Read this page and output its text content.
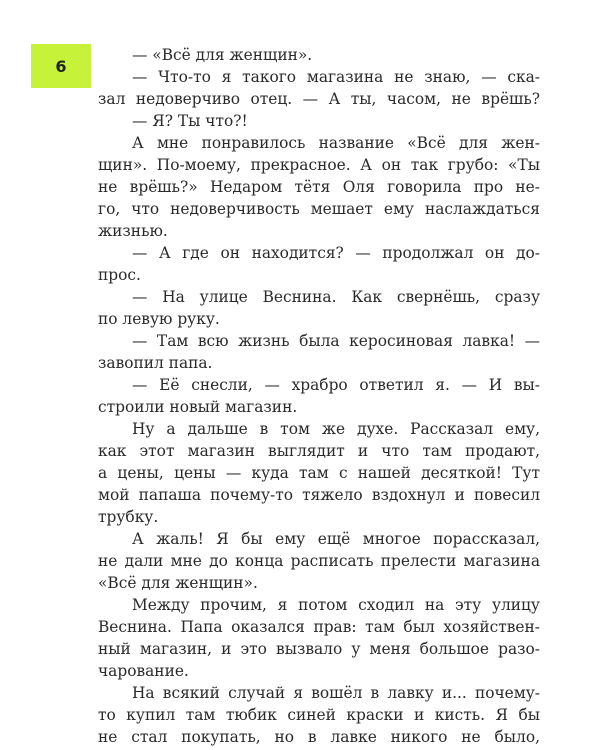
6
— «Всё для женщин».
— Что-то я такого магазина не знаю, — ска-
зал недоверчиво отец. — А ты, часом, не врёшь?
— Я? Ты что?!
А мне понравилось название «Всё для жен-
щин». По-моему, прекрасное. А он так грубо: «Ты
не врёшь?» Недаром тётя Оля говорила про не-
го, что недоверчивость мешает ему наслаждаться
жизнью.
— А где он находится? — продолжал он до-
прос.
— На улице Веснина. Как свернёшь, сразу
по левую руку.
— Там всю жизнь была керосиновая лавка! —
завопил папа.
— Её снесли, — храбро ответил я. — И вы-
строили новый магазин.
Ну а дальше в том же духе. Рассказал ему,
как этот магазин выглядит и что там продают,
а цены, цены — куда там с нашей десяткой! Тут
мой папаша почему-то тяжело вздохнул и повесил
трубку.
А жаль! Я бы ему ещё многое порассказал,
не дали мне до конца расписать прелести магазина
«Всё для женщин».
Между прочим, я потом сходил на эту улицу
Веснина. Папа оказался прав: там был хозяйствен-
ный магазин, и это вызвало у меня большое разо-
чарование.
На всякий случай я вошёл в лавку и... почему-
то купил там тюбик синей краски и кисть. Я бы
не стал покупать, но в лавке никого не было,
